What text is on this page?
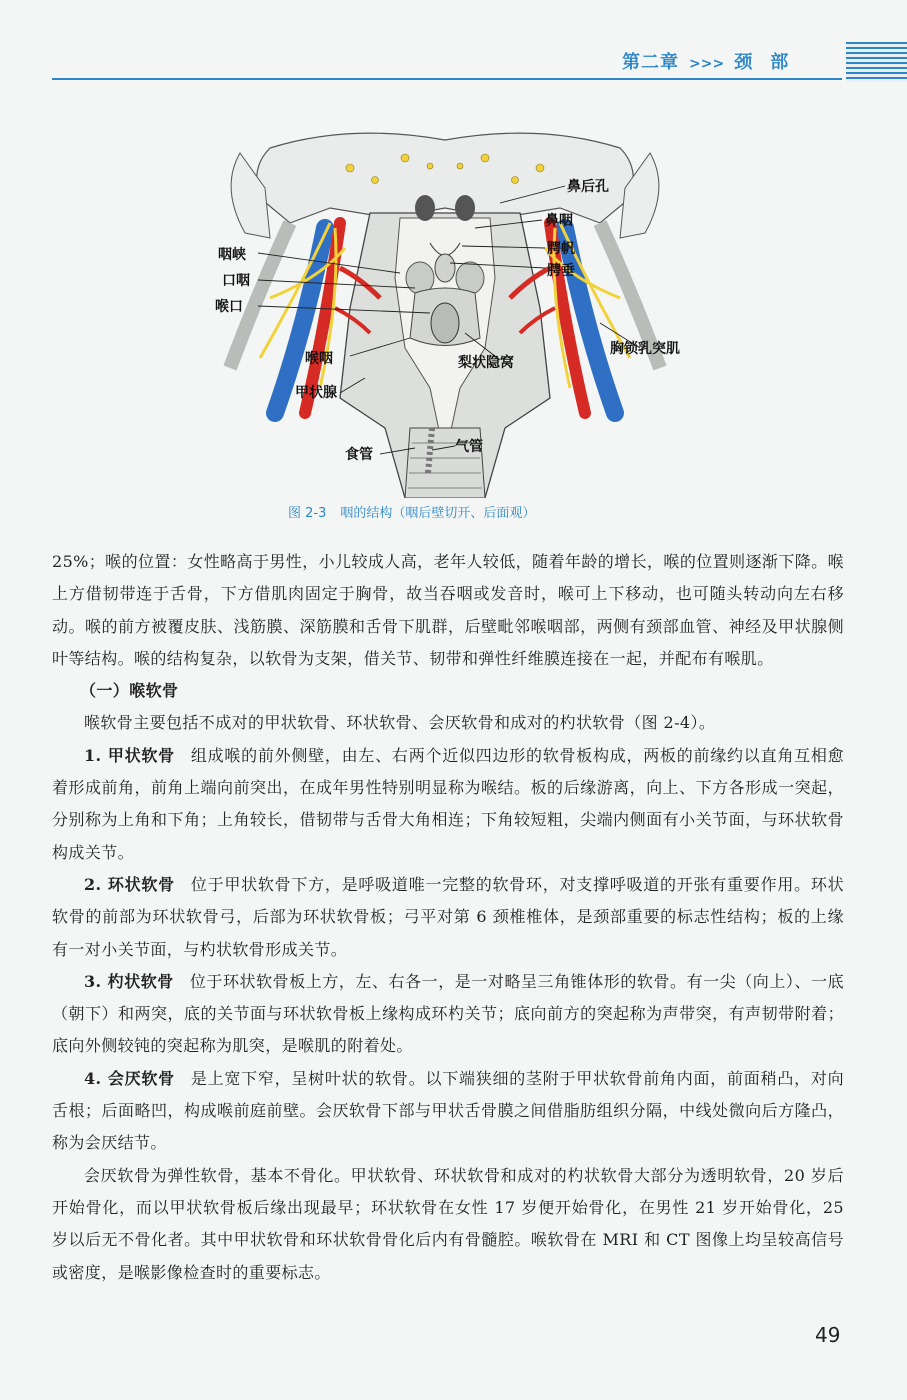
第二章 >>> 颈部
鼻后孔
鼻咽
腭帆
腭垂
咽峡
口咽
喉口
胸锁乳突肌
喉咽	梨状隐窝
甲状腺
食管	气管
图 2-3 咽的结构（咽后壁切开、后面观）

25%；喉的位置：女性略高于男性，小儿较成人高，老年人较低，随着年龄的增长，喉的位置则逐渐下降。喉上方借韧带连于舌骨，下方借肌肉固定于胸骨，故当吞咽或发音时，喉可上下移动，也可随头转动向左右移动。喉的前方被覆皮肤、浅筋膜、深筋膜和舌骨下肌群，后壁毗邻喉咽部，两侧有颈部血管、神经及甲状腺侧叶等结构。喉的结构复杂，以软骨为支架，借关节、韧带和弹性纤维膜连接在一起，并配布有喉肌。

（一）喉软骨

喉软骨主要包括不成对的甲状软骨、环状软骨、会厌软骨和成对的杓状软骨（图 2-4）。

1. 甲状软骨 组成喉的前外侧壁，由左、右两个近似四边形的软骨板构成，两板的前缘约以直角互相愈着形成前角，前角上端向前突出，在成年男性特别明显称为喉结。板的后缘游离，向上、下方各形成一突起，分别称为上角和下角；上角较长，借韧带与舌骨大角相连；下角较短粗，尖端内侧面有小关节面，与环状软骨构成关节。

2. 环状软骨 位于甲状软骨下方，是呼吸道唯一完整的软骨环，对支撑呼吸道的开张有重要作用。环状软骨的前部为环状软骨弓，后部为环状软骨板；弓平对第 6 颈椎椎体，是颈部重要的标志性结构；板的上缘有一对小关节面，与杓状软骨形成关节。

3. 杓状软骨 位于环状软骨板上方，左、右各一，是一对略呈三角锥体形的软骨。有一尖（向上）、一底（朝下）和两突，底的关节面与环状软骨板上缘构成环杓关节；底向前方的突起称为声带突，有声韧带附着；底向外侧较钝的突起称为肌突，是喉肌的附着处。

4. 会厌软骨 是上宽下窄，呈树叶状的软骨。以下端狭细的茎附于甲状软骨前角内面，前面稍凸，对向舌根；后面略凹，构成喉前庭前壁。会厌软骨下部与甲状舌骨膜之间借脂肪组织分隔，中线处微向后方隆凸，称为会厌结节。

会厌软骨为弹性软骨，基本不骨化。甲状软骨、环状软骨和成对的杓状软骨大部分为透明软骨，20 岁后开始骨化，而以甲状软骨板后缘出现最早；环状软骨在女性 17 岁便开始骨化，在男性 21 岁开始骨化，25 岁以后无不骨化者。其中甲状软骨和环状软骨骨化后内有骨髓腔。喉软骨在 MRI 和 CT 图像上均呈较高信号或密度，是喉影像检查时的重要标志。

49
